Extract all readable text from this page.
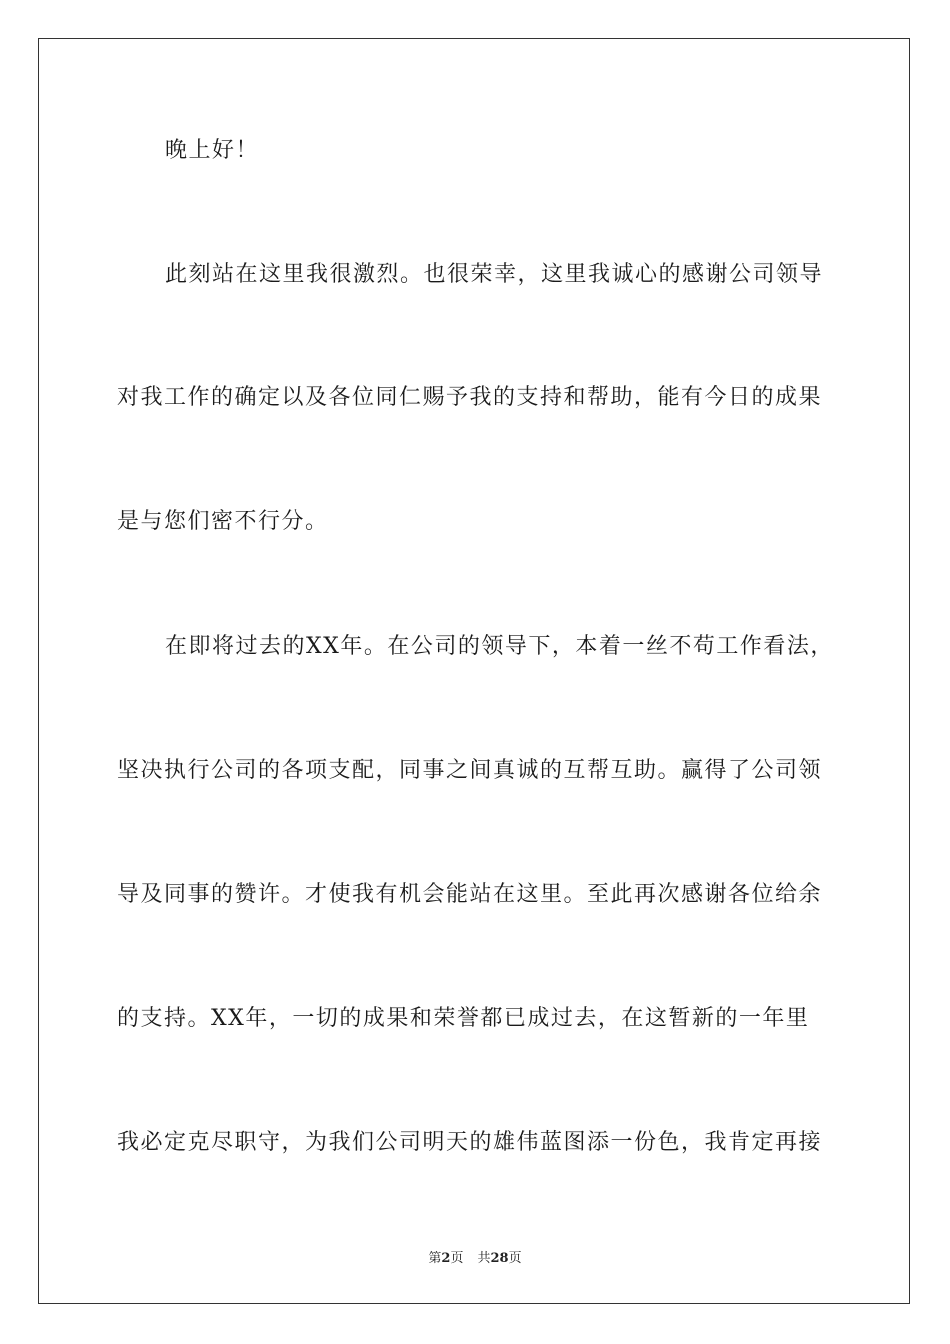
晚上好！
此刻站在这里我很激烈。也很荣幸，这里我诚心的感谢公司领导
对我工作的确定以及各位同仁赐予我的支持和帮助，能有今日的成果
是与您们密不行分。
在即将过去的XX年。在公司的领导下，本着一丝不苟工作看法，
坚决执行公司的各项支配，同事之间真诚的互帮互助。赢得了公司领
导及同事的赞许。才使我有机会能站在这里。至此再次感谢各位给余
的支持。XX年，一切的成果和荣誉都已成过去，在这暂新的一年里
我必定克尽职守，为我们公司明天的雄伟蓝图添一份色，我肯定再接
第2页 共28页
